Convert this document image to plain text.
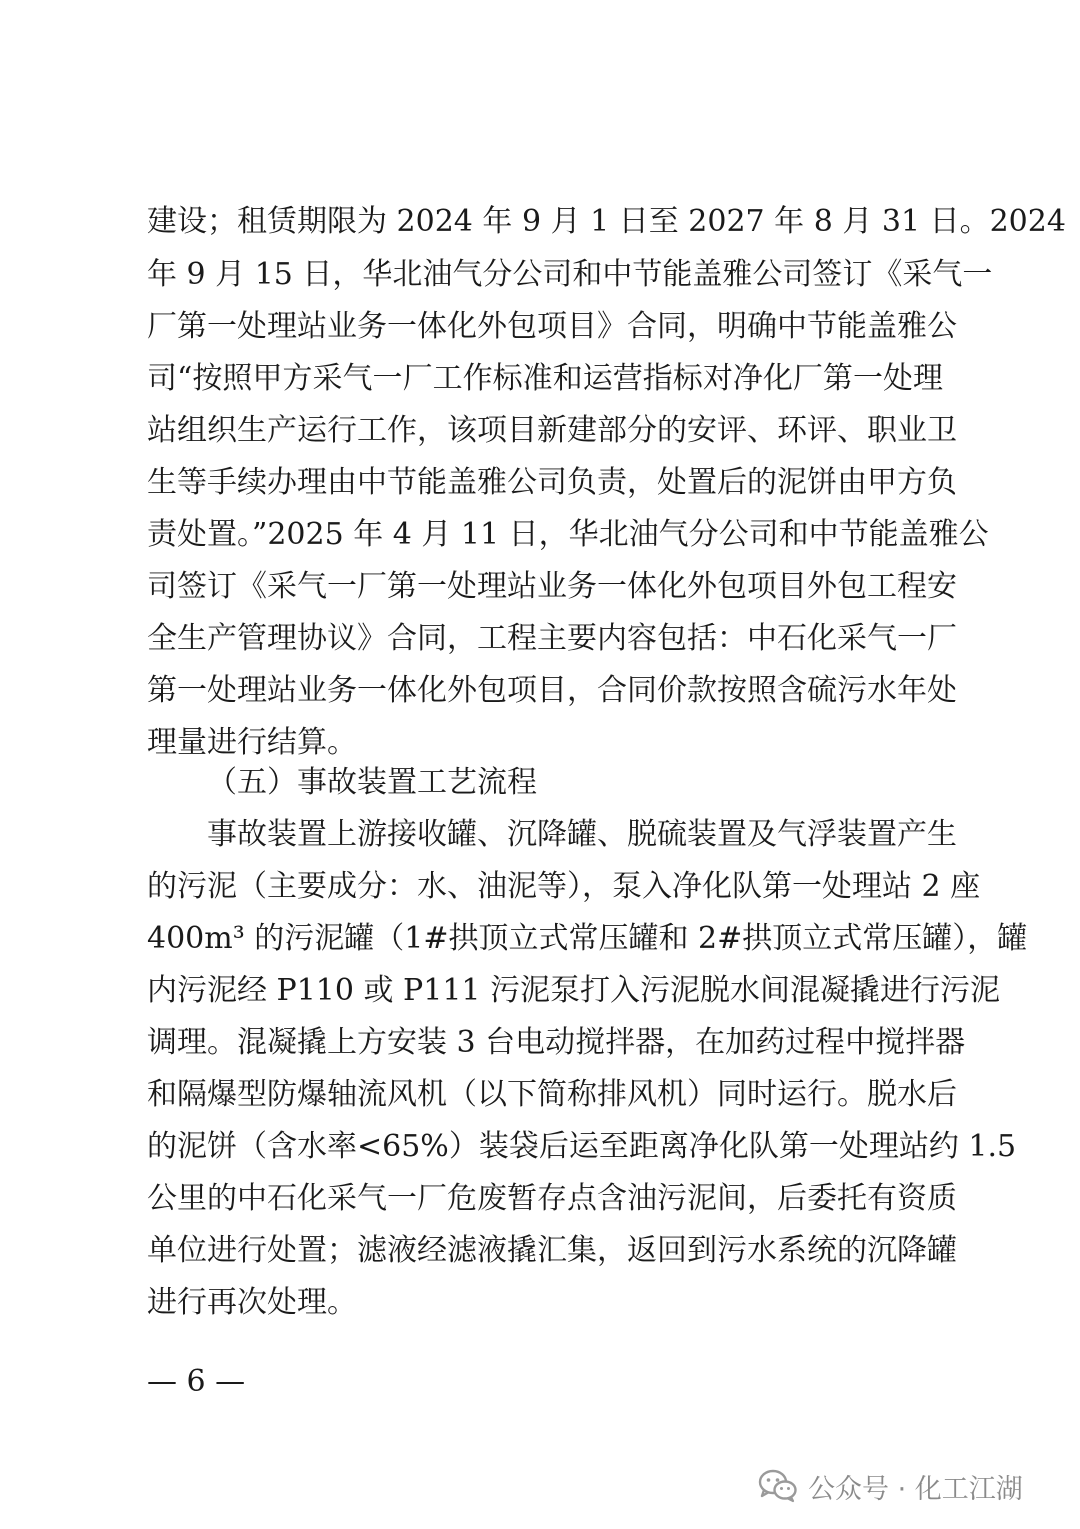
建设；租赁期限为 2024 年 9 月 1 日至 2027 年 8 月 31 日。2024
年 9 月 15 日，华北油气分公司和中节能盖雅公司签订《采气一
厂第一处理站业务一体化外包项目》合同，明确中节能盖雅公
司“按照甲方采气一厂工作标准和运营指标对净化厂第一处理
站组织生产运行工作，该项目新建部分的安评、环评、职业卫
生等手续办理由中节能盖雅公司负责，处置后的泥饼由甲方负
责处置。”2025 年 4 月 11 日，华北油气分公司和中节能盖雅公
司签订《采气一厂第一处理站业务一体化外包项目外包工程安
全生产管理协议》合同，工程主要内容包括：中石化采气一厂
第一处理站业务一体化外包项目，合同价款按照含硫污水年处
理量进行结算。
（五）事故装置工艺流程
事故装置上游接收罐、沉降罐、脱硫装置及气浮装置产生
的污泥（主要成分：水、油泥等），泵入净化队第一处理站 2 座
400m³ 的污泥罐（1#拱顶立式常压罐和 2#拱顶立式常压罐），罐
内污泥经 P110 或 P111 污泥泵打入污泥脱水间混凝撬进行污泥
调理。混凝撬上方安装 3 台电动搅拌器，在加药过程中搅拌器
和隔爆型防爆轴流风机（以下简称排风机）同时运行。脱水后
的泥饼（含水率<65%）装袋后运至距离净化队第一处理站约 1.5
公里的中石化采气一厂危废暂存点含油污泥间，后委托有资质
单位进行处置；滤液经滤液撬汇集，返回到污水系统的沉降罐
进行再次处理。
— 6 —
公众号 · 化工江湖
